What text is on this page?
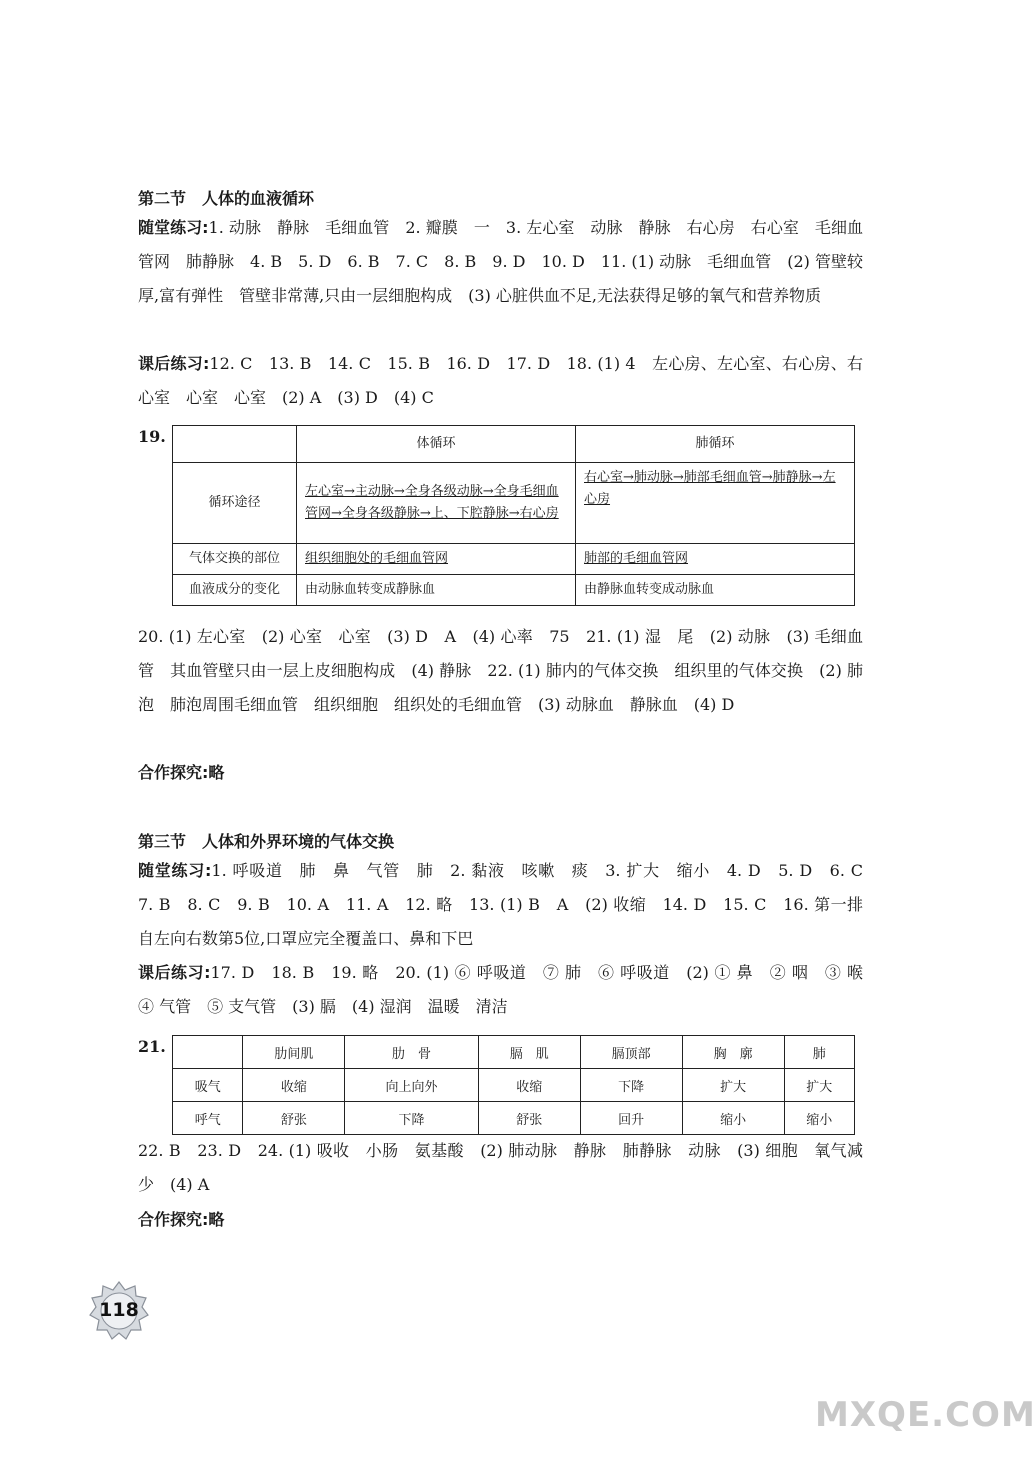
第二节　人体的血液循环
随堂练习:1. 动脉　静脉　毛细血管　2. 瓣膜　一　3. 左心室　动脉　静脉　右心房　右心室　毛细血管网　肺静脉　4. B　5. D　6. B　7. C　8. B　9. D　10. D　11. (1) 动脉　毛细血管　(2) 管壁较厚,富有弹性　管壁非常薄,只由一层细胞构成　(3) 心脏供血不足,无法获得足够的氧气和营养物质
课后练习:12. C　13. B　14. C　15. B　16. D　17. D　18. (1) 4　左心房、左心室、右心房、右心室　心室　心室　(2) A　(3) D　(4) C
19.
		体循环	肺循环
循环途径	左心室→主动脉→全身各级动脉→全身毛细血管网→全身各级静脉→上、下腔静脉→右心房	右心室→肺动脉→肺部毛细血管→肺静脉→左心房
气体交换的部位	组织细胞处的毛细血管网	肺部的毛细血管网
血液成分的变化	由动脉血转变成静脉血	由静脉血转变成动脉血
20. (1) 左心室　(2) 心室　心室　(3) D　A　(4) 心率　75　21. (1) 湿　尾　(2) 动脉　(3) 毛细血管　其血管壁只由一层上皮细胞构成　(4) 静脉　22. (1) 肺内的气体交换　组织里的气体交换　(2) 肺泡　肺泡周围毛细血管　组织细胞　组织处的毛细血管　(3) 动脉血　静脉血　(4) D
合作探究:略
第三节　人体和外界环境的气体交换
随堂练习:1. 呼吸道　肺　鼻　气管　肺　2. 黏液　咳嗽　痰　3. 扩大　缩小　4. D　5. D　6. C　7. B　8. C　9. B　10. A　11. A　12. 略　13. (1) B　A　(2) 收缩　14. D　15. C　16. 第一排自左向右数第5位,口罩应完全覆盖口、鼻和下巴
课后练习:17. D　18. B　19. 略　20. (1) ⑥ 呼吸道　⑦ 肺　⑥ 呼吸道　(2) ① 鼻　② 咽　③ 喉　④ 气管　⑤ 支气管　(3) 膈　(4) 湿润　温暖　清洁
21.
		肋间肌	肋　骨	膈　肌	膈顶部	胸　廓	肺
吸气	收缩	向上向外	收缩	下降	扩大	扩大
呼气	舒张	下降	舒张	回升	缩小	缩小
22. B　23. D　24. (1) 吸收　小肠　氨基酸　(2) 肺动脉　静脉　肺静脉　动脉　(3) 细胞　氧气减少　(4) A
合作探究:略
118
MXQE.COM
